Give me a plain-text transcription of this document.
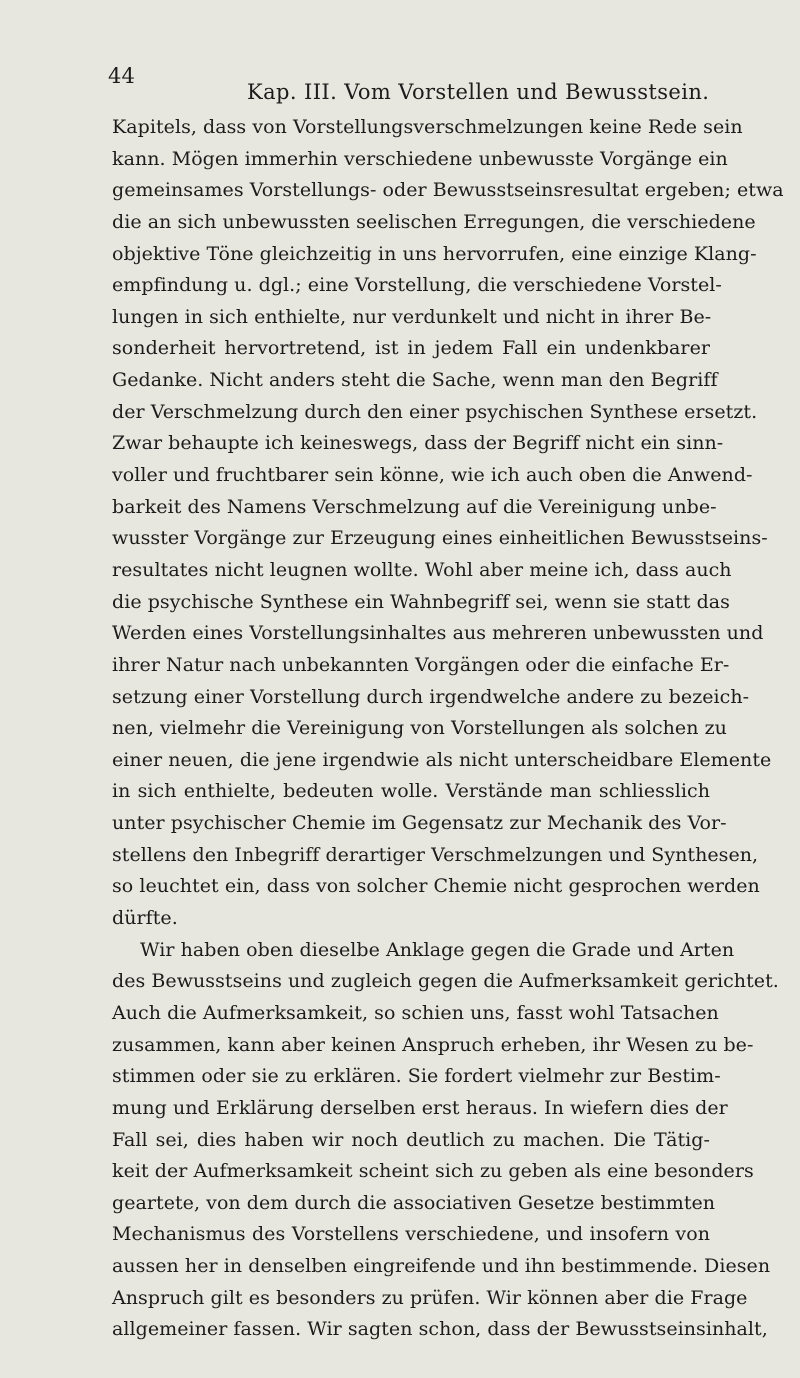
44
Kap. III. Vom Vorstellen und Bewusstsein.
Kapitels, dass von Vorstellungsverschmelzungen keine Rede sein
kann. Mögen immerhin verschiedene unbewusste Vorgänge ein
gemeinsames Vorstellungs- oder Bewusstseinsresultat ergeben; etwa
die an sich unbewussten seelischen Erregungen, die verschiedene
objektive Töne gleichzeitig in uns hervorrufen, eine einzige Klang-
empfindung u. dgl.; eine Vorstellung, die verschiedene Vorstel-
lungen in sich enthielte, nur verdunkelt und nicht in ihrer Be-
sonderheit hervortretend, ist in jedem Fall ein undenkbarer
Gedanke. Nicht anders steht die Sache, wenn man den Begriff
der Verschmelzung durch den einer psychischen Synthese ersetzt.
Zwar behaupte ich keineswegs, dass der Begriff nicht ein sinn-
voller und fruchtbarer sein könne, wie ich auch oben die Anwend-
barkeit des Namens Verschmelzung auf die Vereinigung unbe-
wusster Vorgänge zur Erzeugung eines einheitlichen Bewusstseins-
resultates nicht leugnen wollte. Wohl aber meine ich, dass auch
die psychische Synthese ein Wahnbegriff sei, wenn sie statt das
Werden eines Vorstellungsinhaltes aus mehreren unbewussten und
ihrer Natur nach unbekannten Vorgängen oder die einfache Er-
setzung einer Vorstellung durch irgendwelche andere zu bezeich-
nen, vielmehr die Vereinigung von Vorstellungen als solchen zu
einer neuen, die jene irgendwie als nicht unterscheidbare Elemente
in sich enthielte, bedeuten wolle. Verstände man schliesslich
unter psychischer Chemie im Gegensatz zur Mechanik des Vor-
stellens den Inbegriff derartiger Verschmelzungen und Synthesen,
so leuchtet ein, dass von solcher Chemie nicht gesprochen werden
dürfte.
Wir haben oben dieselbe Anklage gegen die Grade und Arten
des Bewusstseins und zugleich gegen die Aufmerksamkeit gerichtet.
Auch die Aufmerksamkeit, so schien uns, fasst wohl Tatsachen
zusammen, kann aber keinen Anspruch erheben, ihr Wesen zu be-
stimmen oder sie zu erklären. Sie fordert vielmehr zur Bestim-
mung und Erklärung derselben erst heraus. In wiefern dies der
Fall sei, dies haben wir noch deutlich zu machen. Die Tätig-
keit der Aufmerksamkeit scheint sich zu geben als eine besonders
geartete, von dem durch die associativen Gesetze bestimmten
Mechanismus des Vorstellens verschiedene, und insofern von
aussen her in denselben eingreifende und ihn bestimmende. Diesen
Anspruch gilt es besonders zu prüfen. Wir können aber die Frage
allgemeiner fassen. Wir sagten schon, dass der Bewusstseinsinhalt,
